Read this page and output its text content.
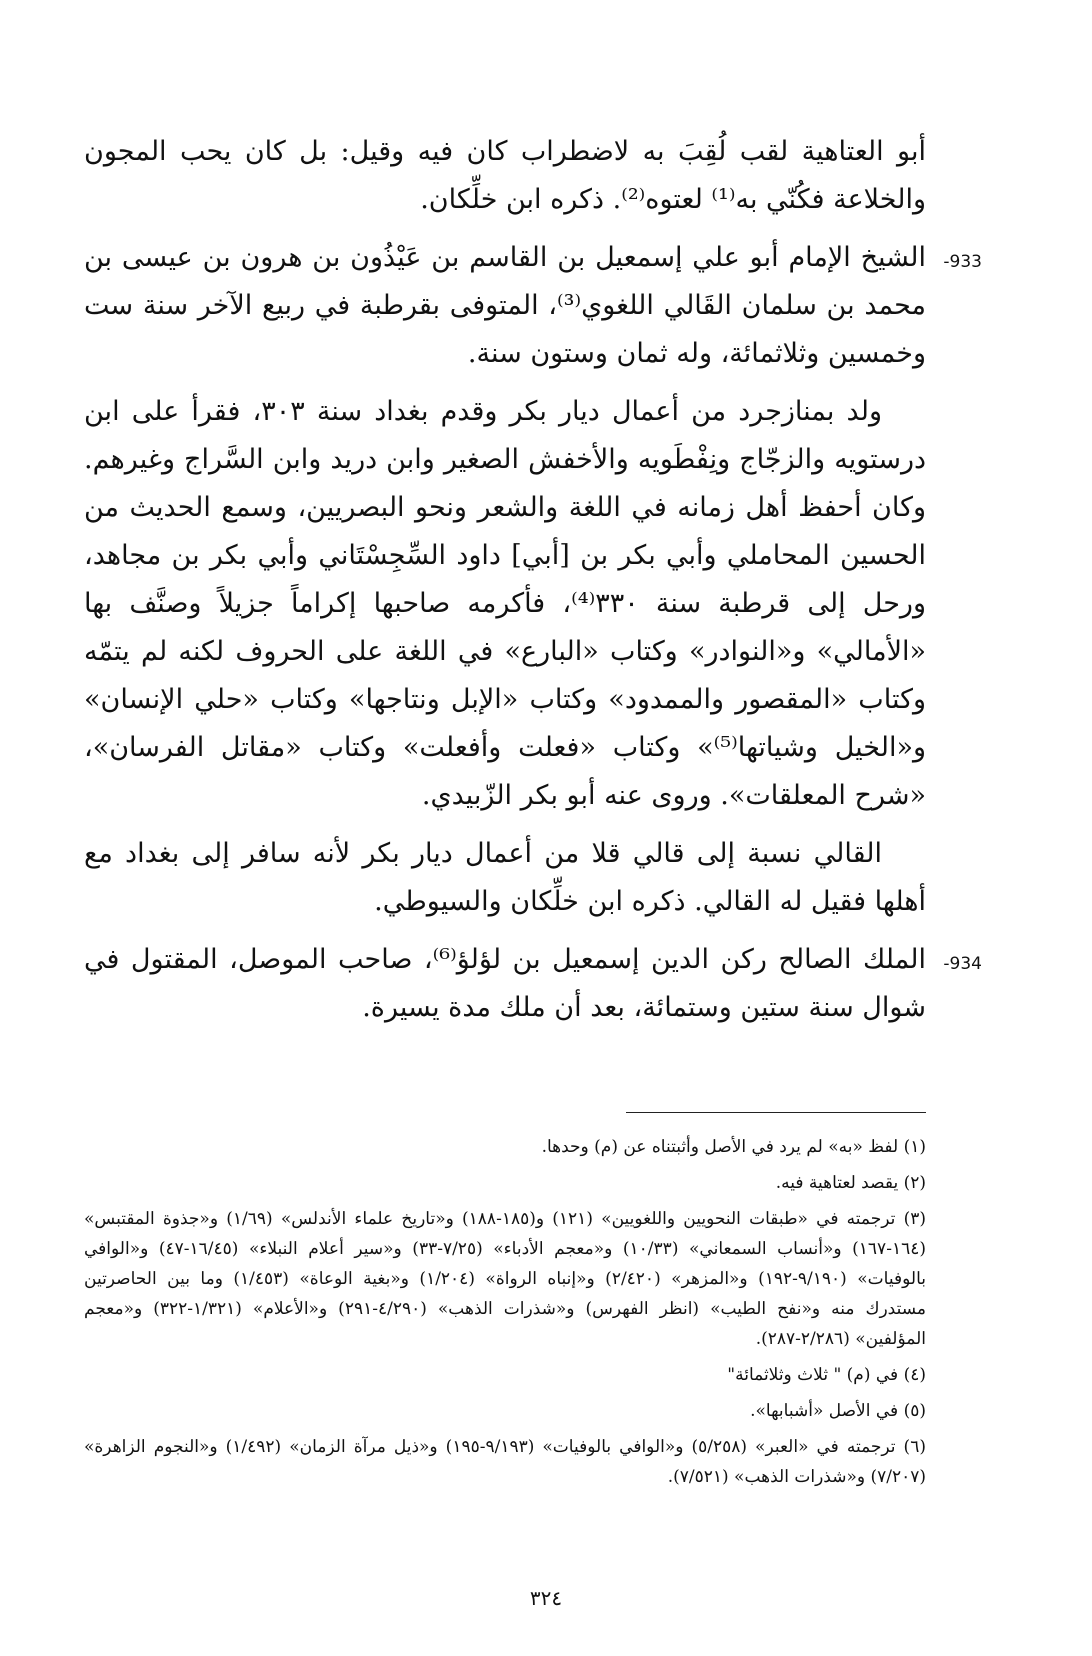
أبو العتاهية لقب لُقِبَ به لاضطراب كان فيه وقيل: بل كان يحب المجون والخلاعة فكُنّي به⁽¹⁾ لعتوه⁽²⁾. ذكره ابن خلِّكان.

-933

الشيخ الإمام أبو علي إسمعيل بن القاسم بن عَيْذُون بن هرون بن عيسى بن محمد بن سلمان القَالي اللغوي⁽³⁾، المتوفى بقرطبة في ربيع الآخر سنة ست وخمسين وثلاثمائة، وله ثمان وستون سنة.

ولد بمنازجرد من أعمال ديار بكر وقدم بغداد سنة ٣٠٣، فقرأ على ابن درستويه والزجّاج ونِفْطَويه والأخفش الصغير وابن دريد وابن السَّراج وغيرهم. وكان أحفظ أهل زمانه في اللغة والشعر ونحو البصريين، وسمع الحديث من الحسين المحاملي وأبي بكر بن [أبي] داود السِّجِسْتَاني وأبي بكر بن مجاهد، ورحل إلى قرطبة سنة ٣٣٠⁽⁴⁾، فأكرمه صاحبها إكراماً جزيلاً وصنَّف بها «الأمالي» و«النوادر» وكتاب «البارع» في اللغة على الحروف لكنه لم يتمّه وكتاب «المقصور والممدود» وكتاب «الإبل ونتاجها» وكتاب «حلي الإنسان» و«الخيل وشياتها⁽⁵⁾» وكتاب «فعلت وأفعلت» وكتاب «مقاتل الفرسان»، «شرح المعلقات». وروى عنه أبو بكر الزّبيدي.

القالي نسبة إلى قالي قلا من أعمال ديار بكر لأنه سافر إلى بغداد مع أهلها فقيل له القالي. ذكره ابن خلِّكان والسيوطي.

-934

الملك الصالح ركن الدين إسمعيل بن لؤلؤ⁽⁶⁾، صاحب الموصل، المقتول في شوال سنة ستين وستمائة، بعد أن ملك مدة يسيرة.

(١) لفظ «به» لم يرد في الأصل وأثبتناه عن (م) وحدها.

(٢) يقصد لعتاهية فيه.

(٣) ترجمته في «طبقات النحويين واللغويين» (١٢١) و(١٨٥-١٨٨) و«تاريخ علماء الأندلس» (١/٦٩) و«جذوة المقتبس» (١٦٤-١٦٧) و«أنساب السمعاني» (١٠/٣٣) و«معجم الأدباء» (٧/٢٥-٣٣) و«سير أعلام النبلاء» (١٦/٤٥-٤٧) و«الوافي بالوفيات» (٩/١٩٠-١٩٢) و«المزهر» (٢/٤٢٠) و«إنباه الرواة» (١/٢٠٤) و«بغية الوعاة» (١/٤٥٣) وما بين الحاصرتين مستدرك منه و«نفح الطيب» (انظر الفهرس) و«شذرات الذهب» (٤/٢٩٠-٢٩١) و«الأعلام» (١/٣٢١-٣٢٢) و«معجم المؤلفين» (٢/٢٨٦-٢٨٧).

(٤) في (م) " ثلاث وثلاثمائة"

(٥) في الأصل «أشبابها».

(٦) ترجمته في «العبر» (٥/٢٥٨) و«الوافي بالوفيات» (٩/١٩٣-١٩٥) و«ذيل مرآة الزمان» (١/٤٩٢) و«النجوم الزاهرة» (٧/٢٠٧) و«شذرات الذهب» (٧/٥٢١).

٣٢٤
